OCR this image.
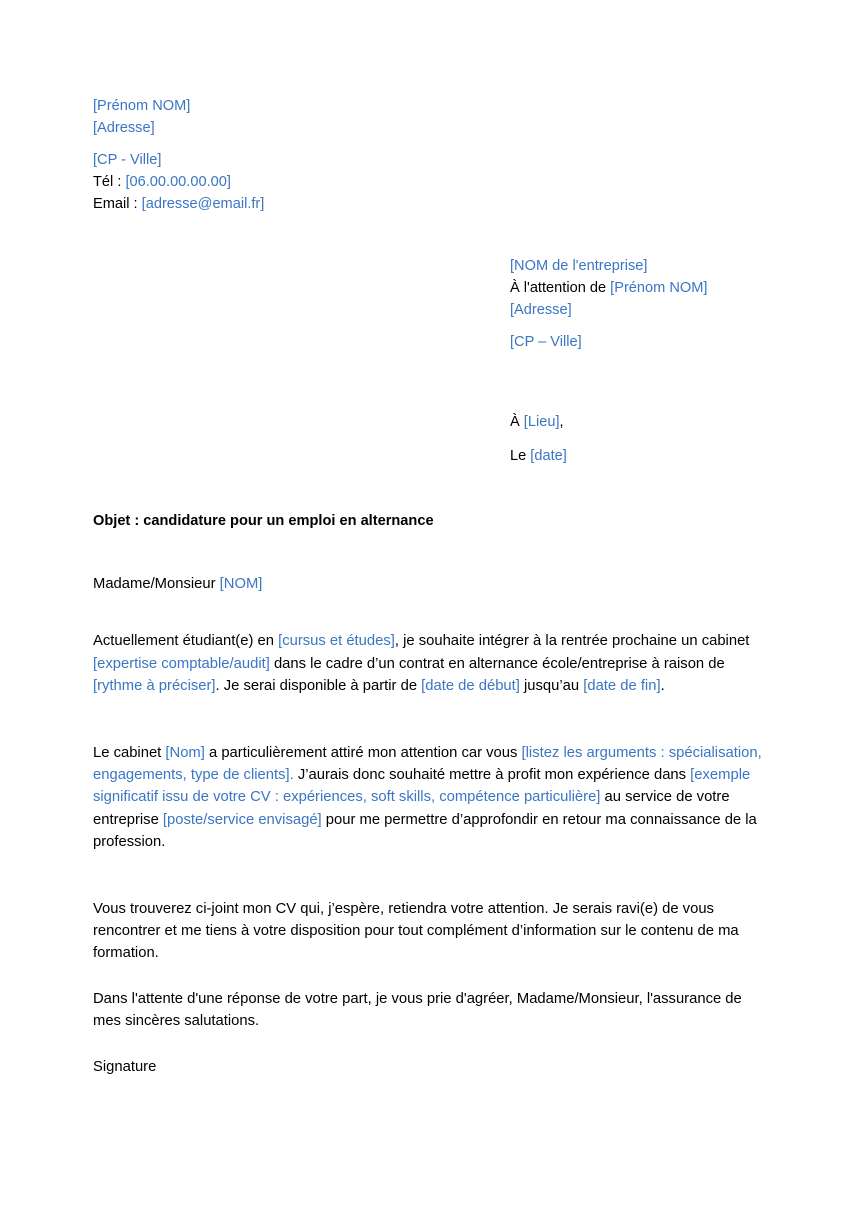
[Prénom NOM]
[Adresse]
[CP - Ville]
Tél : [06.00.00.00.00]
Email : [adresse@email.fr]
[NOM de l'entreprise]
À l'attention de [Prénom NOM]
[Adresse]
[CP – Ville]
À [Lieu],
Le [date]
Objet : candidature pour un emploi en alternance

Madame/Monsieur [NOM]

Actuellement étudiant(e) en [cursus et études], je souhaite intégrer à la rentrée prochaine un cabinet [expertise comptable/audit] dans le cadre d’un contrat en alternance école/entreprise à raison de [rythme à préciser]. Je serai disponible à partir de [date de début] jusqu’au [date de fin].

Le cabinet [Nom] a particulièrement attiré mon attention car vous [listez les arguments : spécialisation, engagements, type de clients]. J’aurais donc souhaité mettre à profit mon expérience dans [exemple significatif issu de votre CV : expériences, soft skills, compétence particulière] au service de votre entreprise [poste/service envisagé] pour me permettre d’approfondir en retour ma connaissance de la profession.

Vous trouverez ci-joint mon CV qui, j’espère, retiendra votre attention. Je serais ravi(e) de vous rencontrer et me tiens à votre disposition pour tout complément d’information sur le contenu de ma formation.

Dans l'attente d'une réponse de votre part, je vous prie d'agréer, Madame/Monsieur, l'assurance de mes sincères salutations.

Signature
